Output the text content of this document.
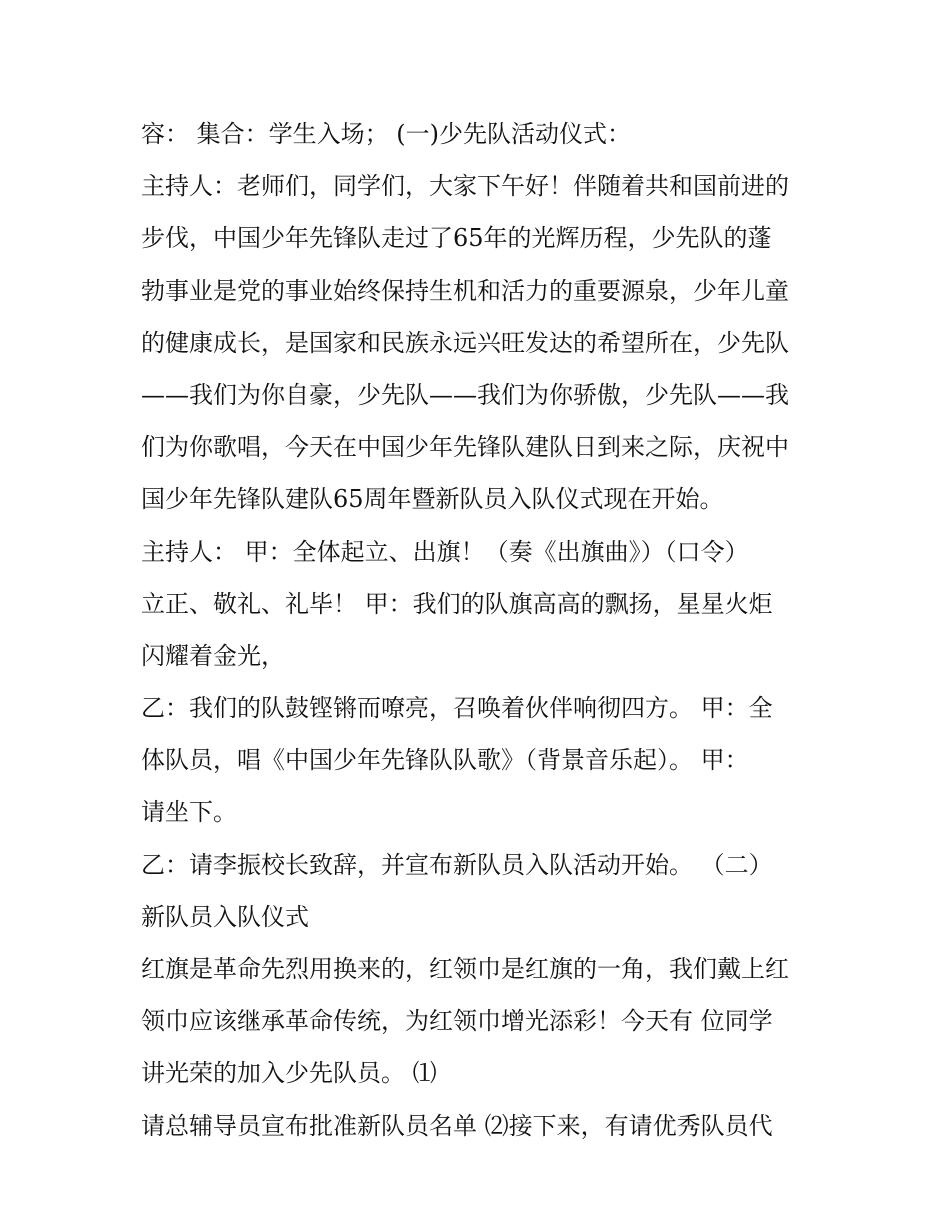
容： 集合：学生入场； (一)少先队活动仪式：
主持人：老师们，同学们，大家下午好！伴随着共和国前进的
步伐，中国少年先锋队走过了65年的光辉历程，少先队的蓬
勃事业是党的事业始终保持生机和活力的重要源泉，少年儿童
的健康成长，是国家和民族永远兴旺发达的希望所在，少先队
——我们为你自豪，少先队——我们为你骄傲，少先队——我
们为你歌唱，今天在中国少年先锋队建队日到来之际，庆祝中
国少年先锋队建队65周年暨新队员入队仪式现在开始。
主持人： 甲：全体起立、出旗！（奏《出旗曲》）（口令）
立正、敬礼、礼毕！ 甲：我们的队旗高高的飘扬，星星火炬
闪耀着金光，
乙：我们的队鼓铿锵而嘹亮，召唤着伙伴响彻四方。 甲：全
体队员，唱《中国少年先锋队队歌》（背景音乐起）。 甲：
请坐下。
乙：请李振校长致辞，并宣布新队员入队活动开始。 （二）
新队员入队仪式
红旗是革命先烈用换来的，红领巾是红旗的一角，我们戴上红
领巾应该继承革命传统，为红领巾增光添彩！今天有 位同学
讲光荣的加入少先队员。 ⑴
请总辅导员宣布批准新队员名单 ⑵接下来，有请优秀队员代
